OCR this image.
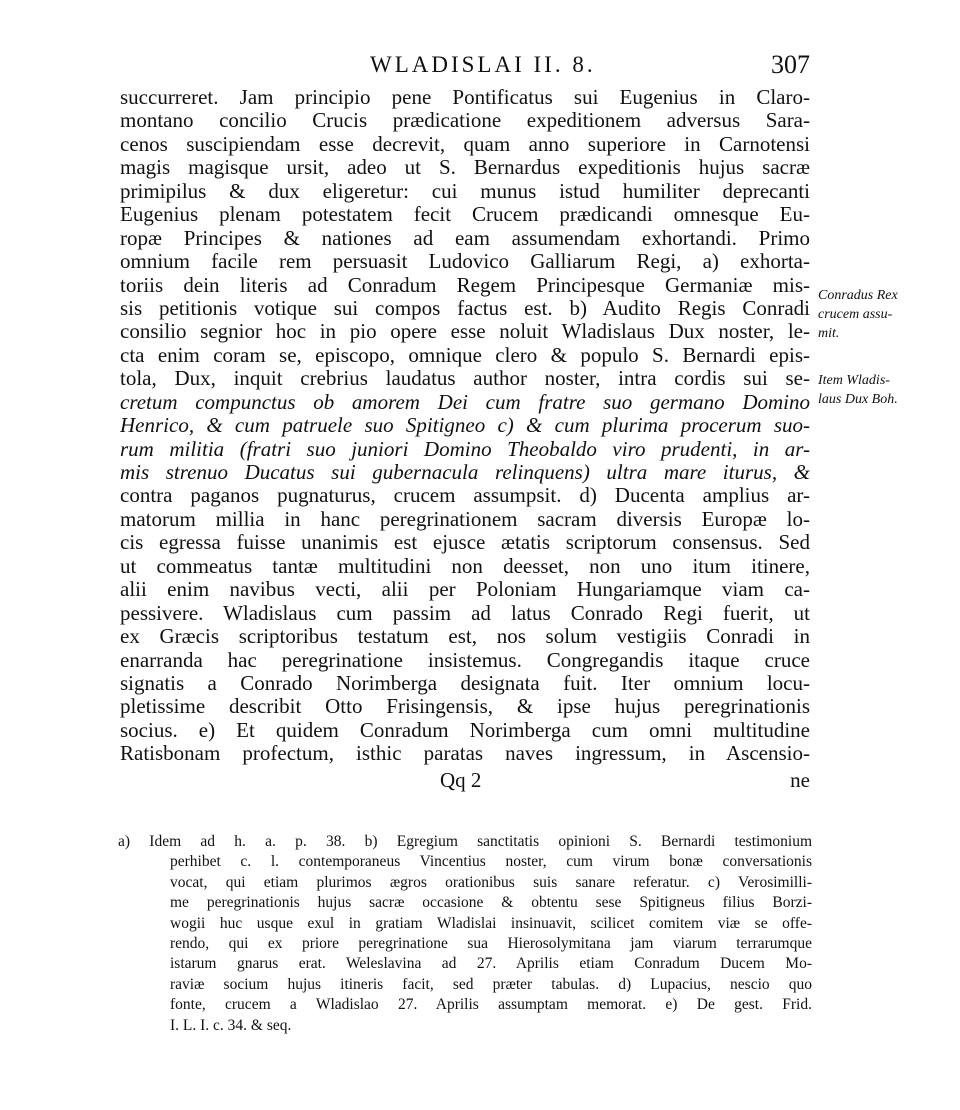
WLADISLAI II. 8.	307
succurreret. Jam principio pene Pontificatus sui Eugenius in Claro-
montano concilio Crucis prædicatione expeditionem adversus Sara-
cenos suscipiendam esse decrevit, quam anno superiore in Carnotensi
magis magisque ursit, adeo ut S. Bernardus expeditionis hujus sacræ
primipilus & dux eligeretur: cui munus istud humiliter deprecanti
Eugenius plenam potestatem fecit Crucem prædicandi omnesque Eu-
ropæ Principes & nationes ad eam assumendam exhortandi. Primo
omnium facile rem persuasit Ludovico Galliarum Regi, a) exhorta-
toriis dein literis ad Conradum Regem Principesque Germaniæ mis-
sis petitionis votique sui compos factus est. b) Audito Regis Conradi
consilio segnior hoc in pio opere esse noluit Wladislaus Dux noster, le-
cta enim coram se, episcopo, omnique clero & populo S. Bernardi epis-
tola, Dux, inquit crebrius laudatus author noster, intra cordis sui se-
cretum compunctus ob amorem Dei cum fratre suo germano Domino
Henrico, & cum patruele suo Spitigneo c) & cum plurima procerum suo-
rum militia (fratri suo juniori Domino Theobaldo viro prudenti, in ar-
mis strenuo Ducatus sui gubernacula relinquens) ultra mare iturus, &
contra paganos pugnaturus, crucem assumpsit. d) Ducenta amplius ar-
matorum millia in hanc peregrinationem sacram diversis Europæ lo-
cis egressa fuisse unanimis est ejusce ætatis scriptorum consensus. Sed
ut commeatus tantæ multitudini non deesset, non uno itum itinere,
alii enim navibus vecti, alii per Poloniam Hungariamque viam ca-
pessivere. Wladislaus cum passim ad latus Conrado Regi fuerit, ut
ex Græcis scriptoribus testatum est, nos solum vestigiis Conradi in
enarranda hac peregrinatione insistemus. Congregandis itaque cruce
signatis a Conrado Norimberga designata fuit. Iter omnium locu-
pletissime describit Otto Frisingensis, & ipse hujus peregrinationis
socius. e) Et quidem Conradum Norimberga cum omni multitudine
Ratisbonam profectum, isthic paratas naves ingressum, in Ascensio-
Qq 2	ne
Conradus Rex
crucem assu-
mit.
Item Wladis-
laus Dux Boh.
a) Idem ad h. a. p. 38. b) Egregium sanctitatis opinioni S. Bernardi testimonium
perhibet c. l. contemporaneus Vincentius noster, cum virum bonæ conversationis
vocat, qui etiam plurimos ægros orationibus suis sanare referatur. c) Verosimilli-
me peregrinationis hujus sacræ occasione & obtentu sese Spitigneus filius Borzi-
wogii huc usque exul in gratiam Wladislai insinuavit, scilicet comitem viæ se offe-
rendo, qui ex priore peregrinatione sua Hierosolymitana jam viarum terrarumque
istarum gnarus erat. Weleslavina ad 27. Aprilis etiam Conradum Ducem Mo-
raviæ socium hujus itineris facit, sed præter tabulas. d) Lupacius, nescio quo
fonte, crucem a Wladislao 27. Aprilis assumptam memorat. e) De gest. Frid.
I. L. I. c. 34. & seq.
